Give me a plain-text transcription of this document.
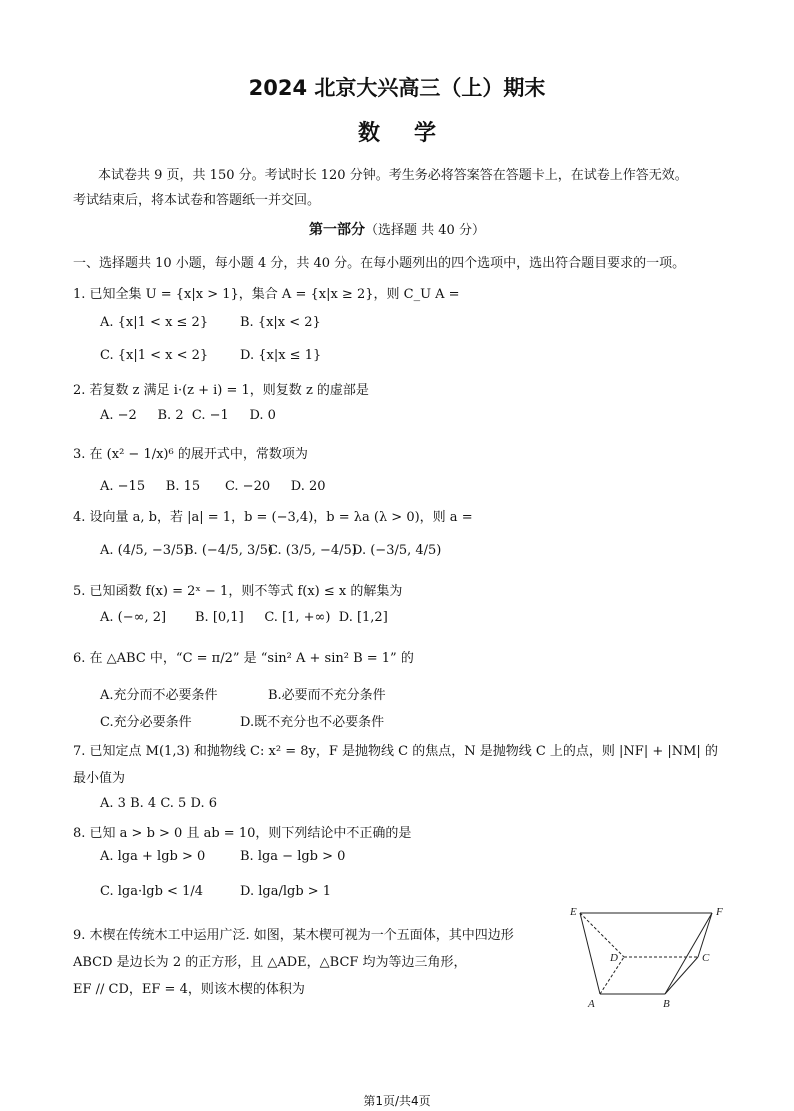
2024 北京大兴高三（上）期末
数学
本试卷共 9 页，共 150 分。考试时长 120 分钟。考生务必将答案答在答题卡上，在试卷上作答无效。
考试结束后，将本试卷和答题纸一并交回。
第一部分（选择题 共 40 分）
一、选择题共 10 小题，每小题 4 分，共 40 分。在每小题列出的四个选项中，选出符合题目要求的一项。
1. 已知全集 U = {x|x > 1}，集合 A = {x|x ≥ 2}，则 C_U A =
A. {x|1 < x ≤ 2} B. {x|x < 2}
C. {x|1 < x < 2} D. {x|x ≤ 1}
2. 若复数 z 满足 i·(z + i) = 1，则复数 z 的虚部是
A. −2 B. 2 C. −1 D. 0
3. 在 (x² − 1/x)⁶ 的展开式中，常数项为
A. −15 B. 15 C. −20 D. 20
4. 设向量 a, b，若 |a| = 1，b = (−3,4)，b = λa (λ > 0)，则 a =
A. (4/5, −3/5)
B. (−4/5, 3/5)
C. (3/5, −4/5)
D. (−3/5, 4/5)
5. 已知函数 f(x) = 2ˣ − 1，则不等式 f(x) ≤ x 的解集为
A. (−∞, 2] B. [0,1] C. [1, +∞) D. [1,2]
6. 在 △ABC 中，“C = π/2” 是 “sin² A + sin² B = 1” 的
A.充分而不必要条件	B.必要而不充分条件
C.充分必要条件	D.既不充分也不必要条件
7. 已知定点 M(1,3) 和抛物线 C: x² = 8y，F 是抛物线 C 的焦点，N 是抛物线 C 上的点，则 |NF| + |NM| 的
最小值为
A. 3 B. 4 C. 5 D. 6
8. 已知 a > b > 0 且 ab = 10，则下列结论中不正确的是
A. lga + lgb > 0	B. lga − lgb > 0
C. lga·lgb < 1/4	D. lga/lgb > 1
9. 木楔在传统木工中运用广泛. 如图，某木楔可视为一个五面体，其中四边形
ABCD 是边长为 2 的正方形，且 △ADE，△BCF 均为等边三角形，
EF // CD，EF = 4，则该木楔的体积为
E	F
D	C
A	B
第1页/共4页
